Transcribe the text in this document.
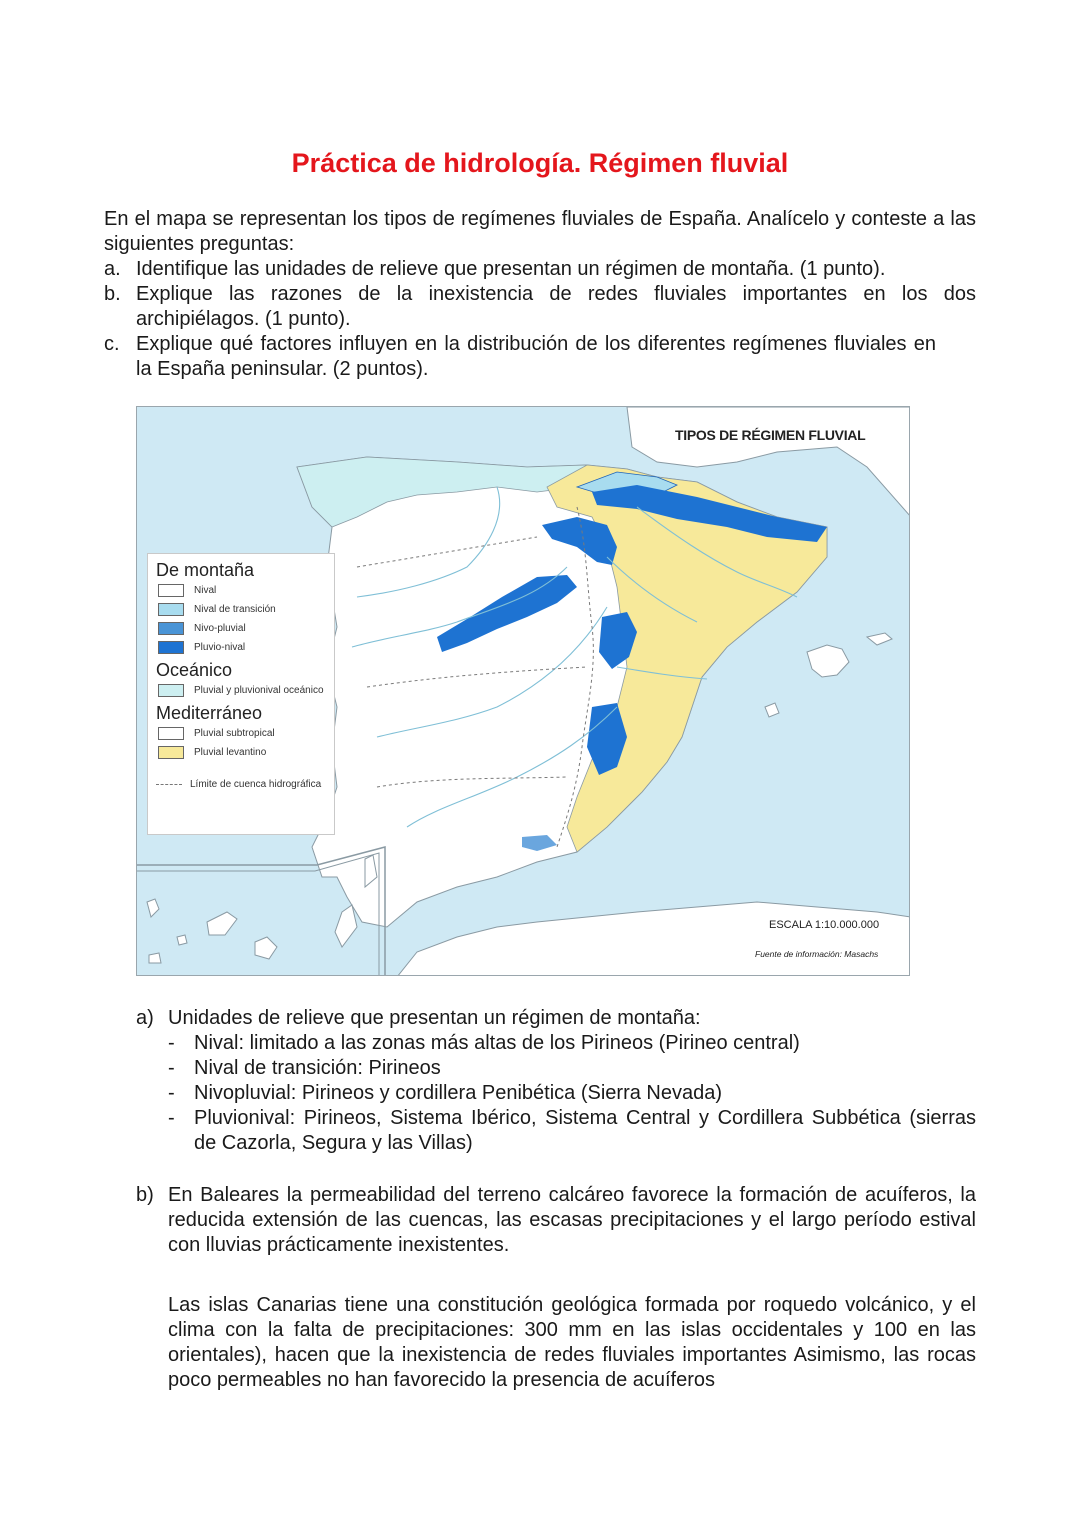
Práctica de hidrología. Régimen fluvial
En el mapa se representan los tipos de regímenes fluviales de España. Analícelo y conteste a las siguientes preguntas:
a. Identifique las unidades de relieve que presentan un régimen de montaña. (1 punto).
b. Explique las razones de la inexistencia de redes fluviales importantes en los dos archipiélagos. (1 punto).
c. Explique qué factores influyen en la distribución de los diferentes regímenes fluviales en la España peninsular. (2 puntos).
TIPOS DE RÉGIMEN FLUVIAL
De montaña
Nival
Nival de transición
Nivo-pluvial
Pluvio-nival
Oceánico
Pluvial y pluvionival oceánico
Mediterráneo
Pluvial subtropical
Pluvial levantino
Límite de cuenca hidrográfica
ESCALA 1:10.000.000
Fuente de información: Masachs
a) Unidades de relieve que presentan un régimen de montaña:
- Nival: limitado a las zonas más altas de los Pirineos (Pirineo central)
- Nival de transición: Pirineos
- Nivopluvial: Pirineos y cordillera Penibética (Sierra Nevada)
- Pluvionival: Pirineos, Sistema Ibérico, Sistema Central y Cordillera Subbética (sierras de Cazorla, Segura y las Villas)
b) En Baleares la permeabilidad del terreno calcáreo favorece la formación de acuíferos, la reducida extensión de las cuencas, las escasas precipitaciones y el largo período estival con lluvias prácticamente inexistentes.
Las islas Canarias tiene una constitución geológica formada por roquedo volcánico, y el clima con la falta de precipitaciones: 300 mm en las islas occidentales y 100 en las orientales), hacen que la inexistencia de redes fluviales importantes Asimismo, las rocas poco permeables no han favorecido la presencia de acuíferos
